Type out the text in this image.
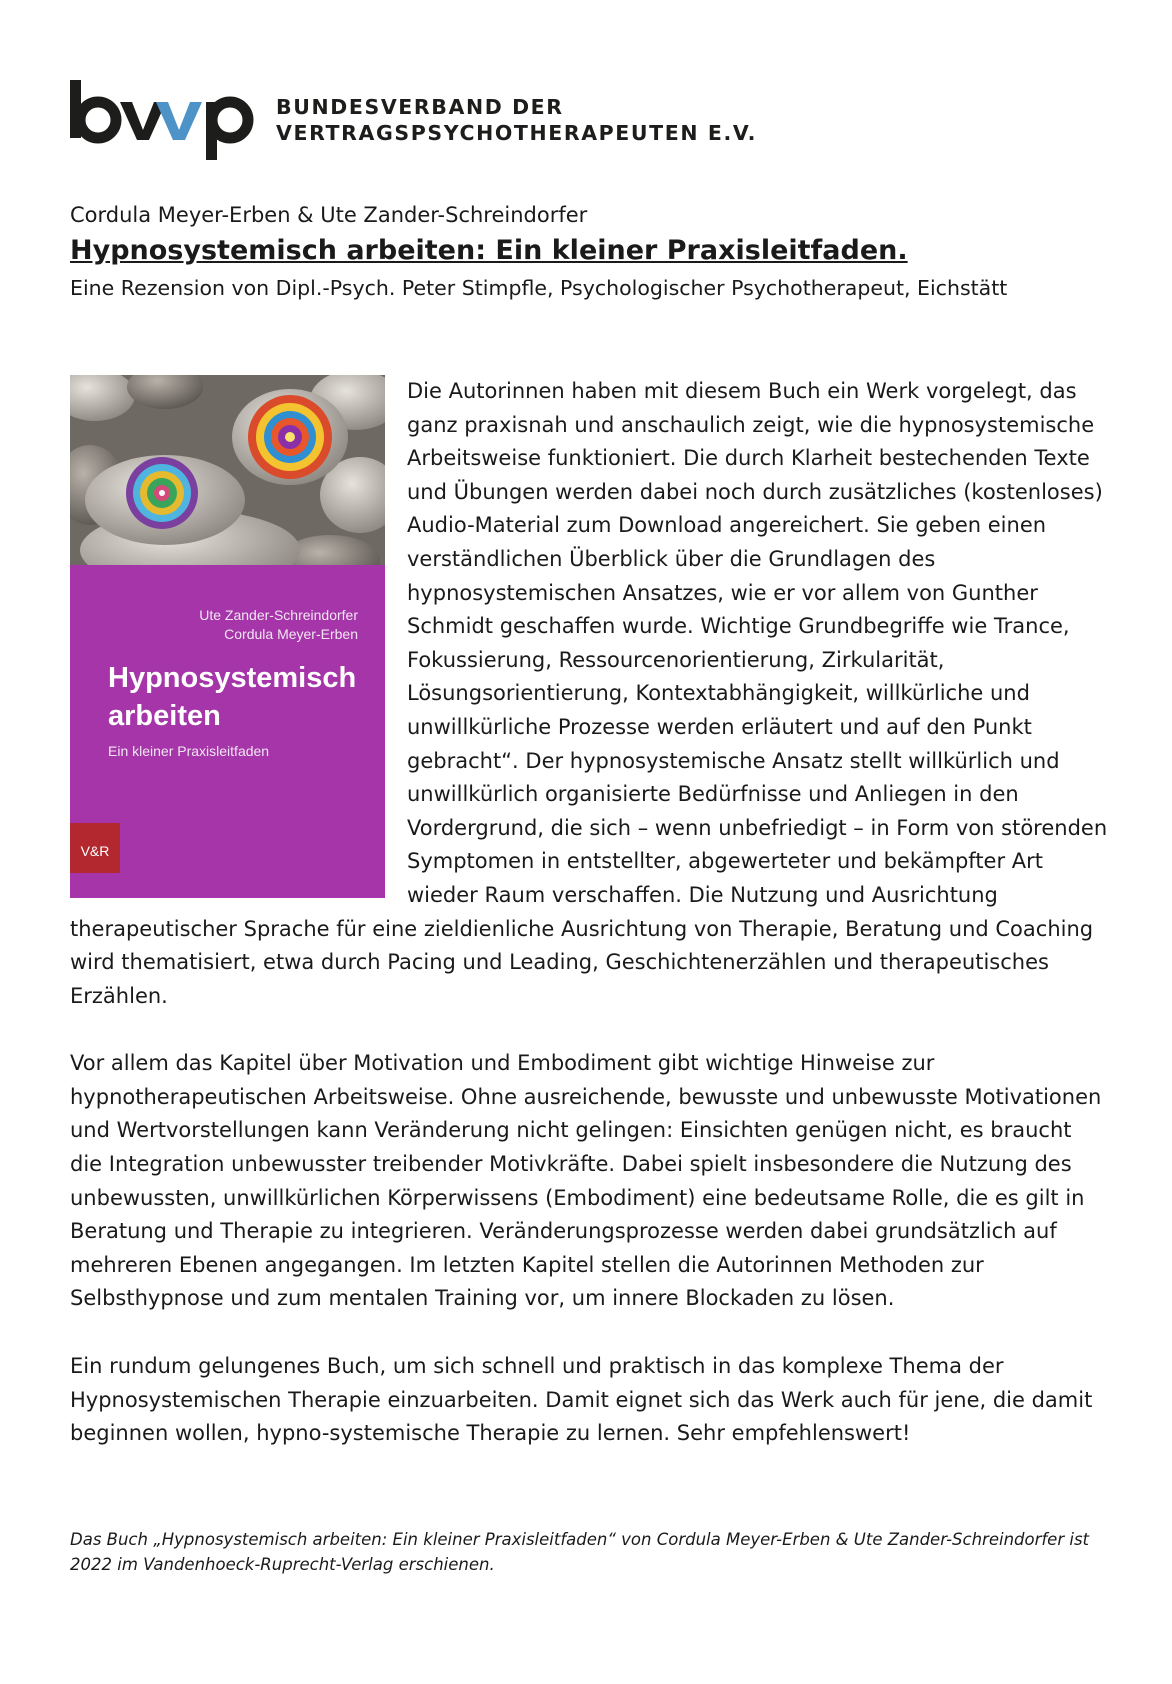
BUNDESVERBAND DER
VERTRAGSPSYCHOTHERAPEUTEN E.V.

Cordula Meyer-Erben & Ute Zander-Schreindorfer

Hypnosystemisch arbeiten: Ein kleiner Praxisleitfaden.

Eine Rezension von Dipl.-Psych. Peter Stimpfle, Psychologischer Psychotherapeut, Eichstätt

Ute Zander-Schreindorfer
Cordula Meyer-Erben
Hypnosystemisch
arbeiten
Ein kleiner Praxisleitfaden
V&R

Die Autorinnen haben mit diesem Buch ein Werk vorgelegt, das ganz praxisnah und anschaulich zeigt, wie die hypnosystemische Arbeitsweise funktioniert. Die durch Klarheit bestechenden Texte und Übungen werden dabei noch durch zusätzliches (kostenloses) Audio-Material zum Download angereichert. Sie geben einen verständlichen Überblick über die Grundlagen des hypnosystemischen Ansatzes, wie er vor allem von Gunther Schmidt geschaffen wurde. Wichtige Grundbegriffe wie Trance, Fokussierung, Ressourcenorientierung, Zirkularität, Lösungsorientierung, Kontextabhängigkeit, willkürliche und unwillkürliche Prozesse werden erläutert und auf den Punkt gebracht“. Der hypnosystemische Ansatz stellt willkürlich und unwillkürlich organisierte Bedürfnisse und Anliegen in den Vordergrund, die sich – wenn unbefriedigt – in Form von störenden Symptomen in entstellter, abgewerteter und bekämpfter Art wieder Raum verschaffen. Die Nutzung und Ausrichtung therapeutischer Sprache für eine zieldienliche Ausrichtung von Therapie, Beratung und Coaching wird thematisiert, etwa durch Pacing und Leading, Geschichtenerzählen und therapeutisches Erzählen.

Vor allem das Kapitel über Motivation und Embodiment gibt wichtige Hinweise zur hypnotherapeutischen Arbeitsweise. Ohne ausreichende, bewusste und unbewusste Motivationen und Wertvorstellungen kann Veränderung nicht gelingen: Einsichten genügen nicht, es braucht die Integration unbewusster treibender Motivkräfte. Dabei spielt insbesondere die Nutzung des unbewussten, unwillkürlichen Körperwissens (Embodiment) eine bedeutsame Rolle, die es gilt in Beratung und Therapie zu integrieren. Veränderungsprozesse werden dabei grundsätzlich auf mehreren Ebenen angegangen. Im letzten Kapitel stellen die Autorinnen Methoden zur Selbsthypnose und zum mentalen Training vor, um innere Blockaden zu lösen.

Ein rundum gelungenes Buch, um sich schnell und praktisch in das komplexe Thema der Hypnosystemischen Therapie einzuarbeiten. Damit eignet sich das Werk auch für jene, die damit beginnen wollen, hypno-systemische Therapie zu lernen. Sehr empfehlenswert!

Das Buch „Hypnosystemisch arbeiten: Ein kleiner Praxisleitfaden“ von Cordula Meyer-Erben & Ute Zander-Schreindorfer ist 2022 im Vandenhoeck-Ruprecht-Verlag erschienen.
